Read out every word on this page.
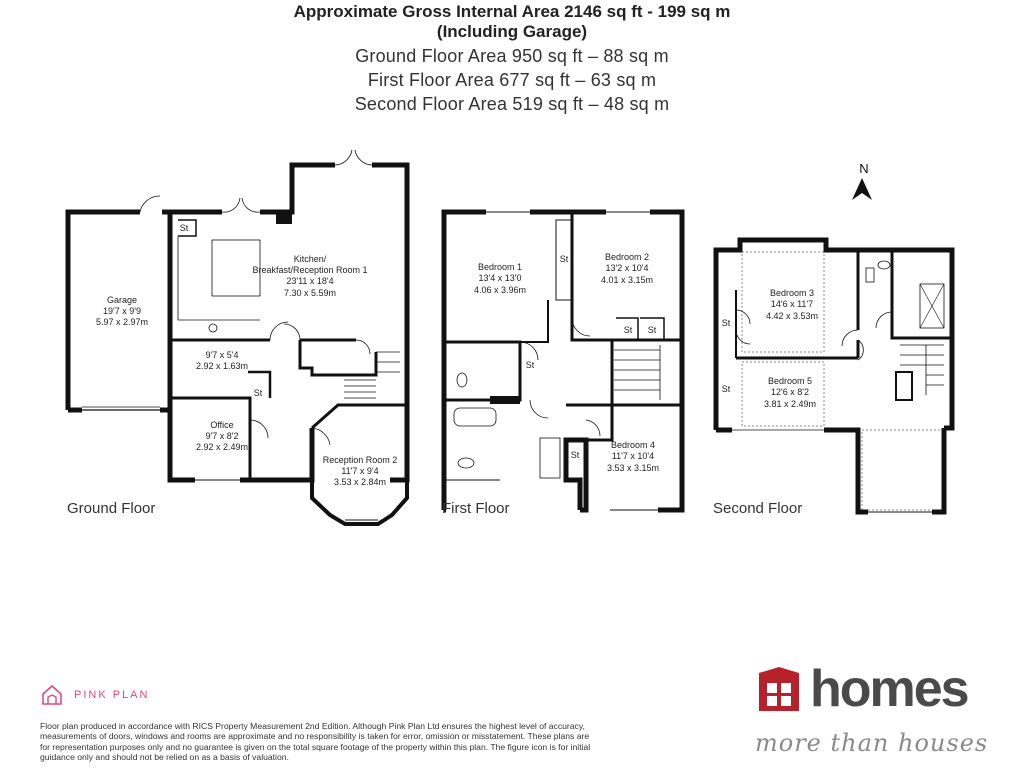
Approximate Gross Internal Area 2146 sq ft - 199 sq m
(Including Garage)
Ground Floor Area 950 sq ft – 88 sq m
First Floor Area 677 sq ft – 63 sq m
Second Floor Area 519 sq ft – 48 sq m
Garage
19'7 x 9'9
5.97 x 2.97m
Kitchen/
Breakfast/Reception Room 1
23'11 x 18'4
7.30 x 5.59m
9'7 x 5'4
2.92 x 1.63m
Office
9'7 x 8'2
2.92 x 2.49m
Reception Room 2
11'7 x 9'4
3.53 x 2.84m
St
St
Bedroom 1
13'4 x 13'0
4.06 x 3.96m
Bedroom 2
13'2 x 10'4
4.01 x 3.15m
Bedroom 4
11'7 x 10'4
3.53 x 3.15m
St
St St
St
St
Bedroom 3
14'6 x 11'7
4.42 x 3.53m
Bedroom 5
12'6 x 8'2
3.81 x 2.49m
St
St
N
Ground Floor	First Floor	Second Floor
PINK PLAN
Floor plan produced in accordance with RICS Property Measurement 2nd Edition. Although Pink Plan Ltd ensures the highest level of accuracy, measurements of doors, windows and rooms are approximate and no responsibility is taken for error, omission or misstatement. These plans are for representation purposes only and no guarantee is given on the total square footage of the property within this plan. The figure icon is for initial guidance only and should not be relied on as a basis of valuation.
homes
more than houses
